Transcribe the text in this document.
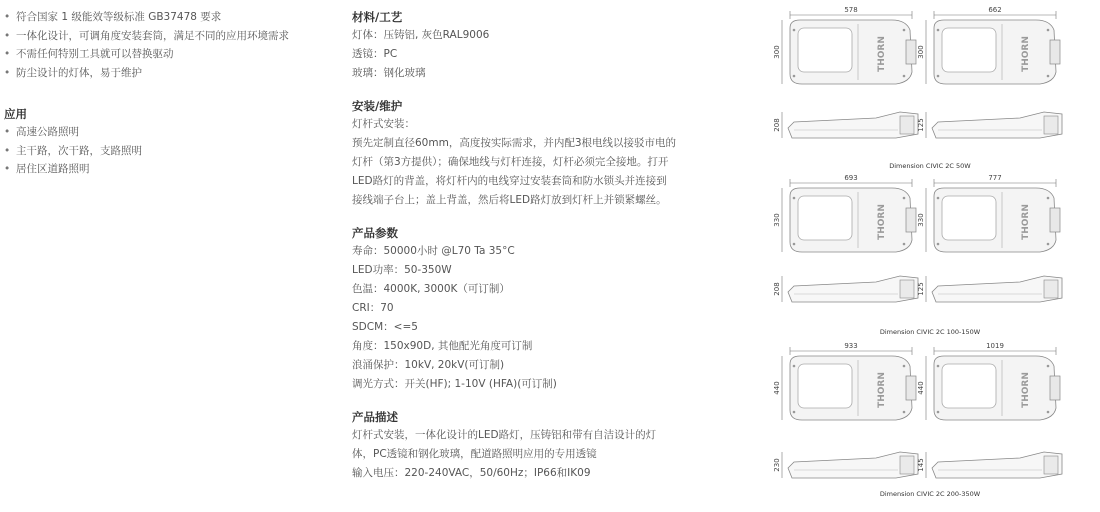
• 符合国家 1 级能效等级标准 GB37478 要求
• 一体化设计，可调角度安装套筒，满足不同的应用环境需求
• 不需任何特别工具就可以替换驱动
• 防尘设计的灯体，易于维护
应用
• 高速公路照明
• 主干路，次干路，支路照明
• 居住区道路照明
材料/工艺
灯体：压铸铝, 灰色RAL9006
透镜：PC
玻璃：钢化玻璃
安装/维护
灯杆式安装：
预先定制直径60mm，高度按实际需求，并内配3根电线以接驳市电的
灯杆（第3方提供）；确保地线与灯杆连接，灯杆必须完全接地。打开
LED路灯的背盖，将灯杆内的电线穿过安装套筒和防水锁头并连接到
接线端子台上；盖上背盖，然后将LED路灯放到灯杆上并锁紧螺丝。
产品参数
寿命：50000小时 @L70 Ta 35°C
LED功率：50-350W
色温：4000K, 3000K（可订制）
CRI：70
SDCM：<=5
角度：150x90D, 其他配光角度可订制
浪涌保护：10kV, 20kV(可订制)
调光方式：开关(HF); 1-10V (HFA)(可订制)
产品描述
灯杆式安装，一体化设计的LED路灯，压铸铝和带有自洁设计的灯
体，PC透镜和钢化玻璃，配道路照明应用的专用透镜
输入电压：220-240VAC，50/60Hz；IP66和IK09
THORN
578
300	THORN
662
300
208	125
Dimension CIVIC 2C 50W
THORN
693
330	THORN
777
330
208	125
Dimension CIVIC 2C 100-150W
THORN
933
440	THORN
1019
440
230	145
Dimension CIVIC 2C 200-350W
